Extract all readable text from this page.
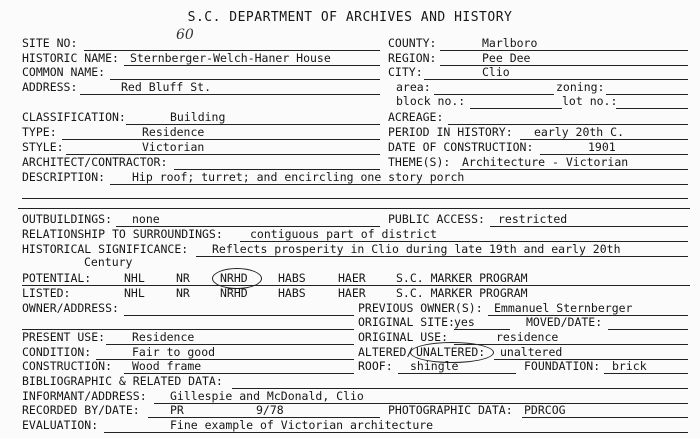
S.C. DEPARTMENT OF ARCHIVES AND HISTORY
SITE NO:	60
HISTORIC NAME: Sternberger-Welch-Haner House
COMMON NAME:
ADDRESS:	Red Bluff St.
COUNTY:	Marlboro
REGION:	Pee Dee
CITY:	Clio
area:	zoning:
block no.:	lot no.:
CLASSIFICATION:	Building
TYPE:	Residence
STYLE:	Victorian
ARCHITECT/CONTRACTOR:
DESCRIPTION: Hip roof; turret; and encircling one story porch
ACREAGE:
PERIOD IN HISTORY: early 20th C.
DATE OF CONSTRUCTION:	1901
THEME(S): Architecture - Victorian
OUTBUILDINGS: none	PUBLIC ACCESS: restricted
RELATIONSHIP TO SURROUNDINGS: contiguous part of district
HISTORICAL SIGNIFICANCE: Reflects prosperity in Clio during late 19th and early 20th
Century
POTENTIAL:	NHL	NR	NRHD	HABS	HAER	S.C. MARKER PROGRAM
LISTED:	NHL	NR	NRHD	HABS	HAER	S.C. MARKER PROGRAM
OWNER/ADDRESS:	PREVIOUS OWNER(S): Emmanuel Sternberger
ORIGINAL SITE: yes	MOVED/DATE:
PRESENT USE: Residence	ORIGINAL USE:	residence
CONDITION:	Fair to good	ALTERED/ UNALTERED: unaltered
CONSTRUCTION: Wood frame	ROOF: shingle	FOUNDATION: brick
BIBLIOGRAPHIC & RELATED DATA:
INFORMANT/ADDRESS: Gillespie and McDonald, Clio
RECORDED BY/DATE:	PR	9/78	PHOTOGRAPHIC DATA: PDRCOG
EVALUATION:	Fine example of Victorian architecture
